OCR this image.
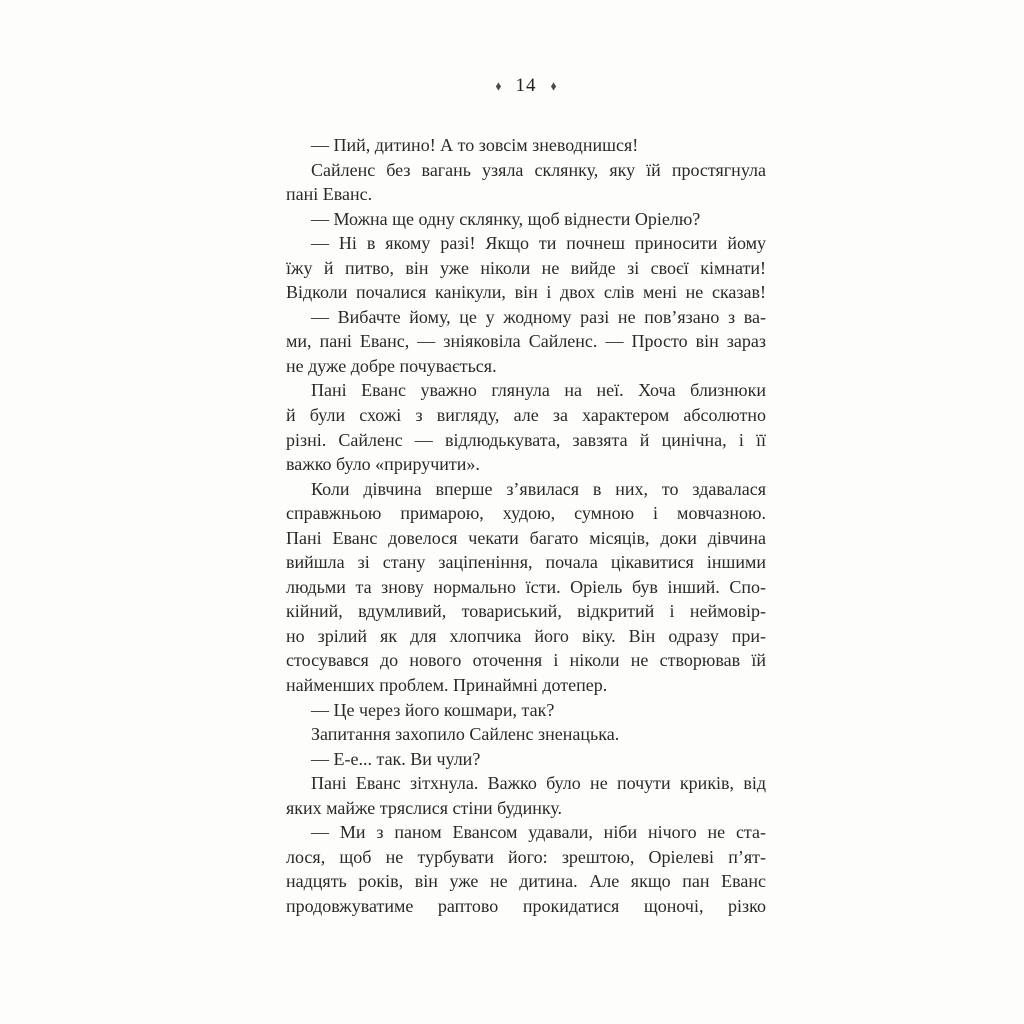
♦ 14 ♦
— Пий, дитино! А то зовсім зневоднишся!
Сайленс без вагань узяла склянку, яку їй простягнула
пані Еванс.
— Можна ще одну склянку, щоб віднести Оріелю?
— Ні в якому разі! Якщо ти почнеш приносити йому
їжу й питво, він уже ніколи не вийде зі своєї кімнати!
Відколи почалися канікули, він і двох слів мені не сказав!
— Вибачте йому, це у жодному разі не пов’язано з ва-
ми, пані Еванс, — зніяковіла Сайленс. — Просто він зараз
не дуже добре почувається.
Пані Еванс уважно глянула на неї. Хоча близнюки
й були схожі з вигляду, але за характером абсолютно
різні. Сайленс — відлюдькувата, завзята й цинічна, і її
важко було «приручити».
Коли дівчина вперше з’явилася в них, то здавалася
справжньою примарою, худою, сумною і мовчазною.
Пані Еванс довелося чекати багато місяців, доки дівчина
вийшла зі стану заціпеніння, почала цікавитися іншими
людьми та знову нормально їсти. Оріель був інший. Спо-
кійний, вдумливий, товариський, відкритий і неймовір-
но зрілий як для хлопчика його віку. Він одразу при-
стосувався до нового оточення і ніколи не створював їй
найменших проблем. Принаймні дотепер.
— Це через його кошмари, так?
Запитання захопило Сайленс зненацька.
— Е-е... так. Ви чули?
Пані Еванс зітхнула. Важко було не почути криків, від
яких майже тряслися стіни будинку.
— Ми з паном Евансом удавали, ніби нічого не ста-
лося, щоб не турбувати його: зрештою, Оріелеві п’ят-
надцять років, він уже не дитина. Але якщо пан Еванс
продовжуватиме раптово прокидатися щоночі, різко
